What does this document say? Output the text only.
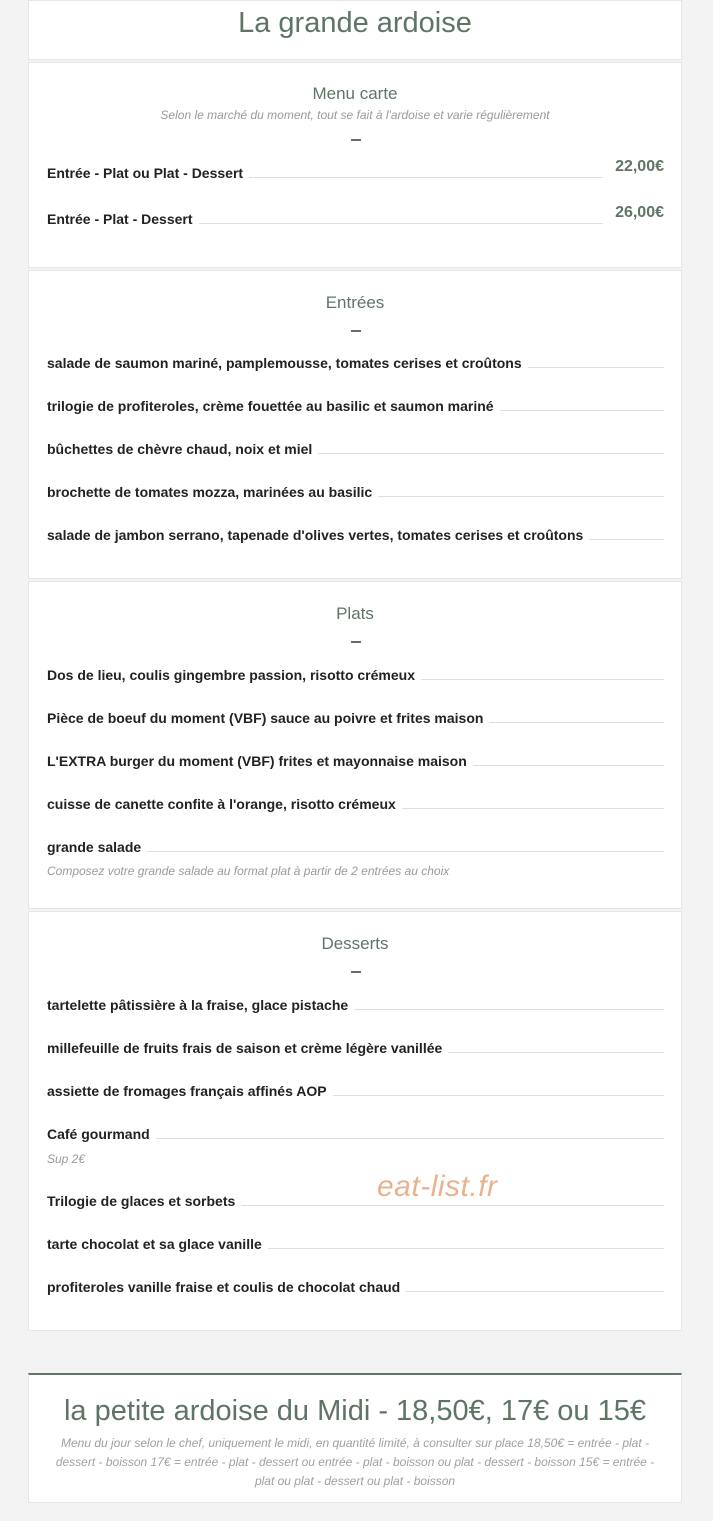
La grande ardoise
Menu carte
Selon le marché du moment, tout se fait à l'ardoise et varie régulièrement
Entrée - Plat ou Plat - Dessert	22,00€
Entrée - Plat - Dessert	26,00€
Entrées
salade de saumon mariné, pamplemousse, tomates cerises et croûtons
trilogie de profiteroles, crème fouettée au basilic et saumon mariné
bûchettes de chèvre chaud, noix et miel
brochette de tomates mozza, marinées au basilic
salade de jambon serrano, tapenade d'olives vertes, tomates cerises et croûtons
Plats
Dos de lieu, coulis gingembre passion, risotto crémeux
Pièce de boeuf du moment (VBF) sauce au poivre et frites maison
L'EXTRA burger du moment (VBF) frites et mayonnaise maison
cuisse de canette confite à l'orange, risotto crémeux
grande salade
Composez votre grande salade au format plat à partir de 2 entrées au choix
Desserts
tartelette pâtissière à la fraise, glace pistache
millefeuille de fruits frais de saison et crème légère vanillée
assiette de fromages français affinés AOP
Café gourmand
Sup 2€
Trilogie de glaces et sorbets
tarte chocolat et sa glace vanille
profiteroles vanille fraise et coulis de chocolat chaud
eat-list.fr
la petite ardoise du Midi - 18,50€, 17€ ou 15€
Menu du jour selon le chef, uniquement le midi, en quantité limité, à consulter sur place 18,50€ = entrée - plat - dessert - boisson 17€ = entrée - plat - dessert ou entrée - plat - boisson ou plat - dessert - boisson 15€ = entrée - plat ou plat - dessert ou plat - boisson
